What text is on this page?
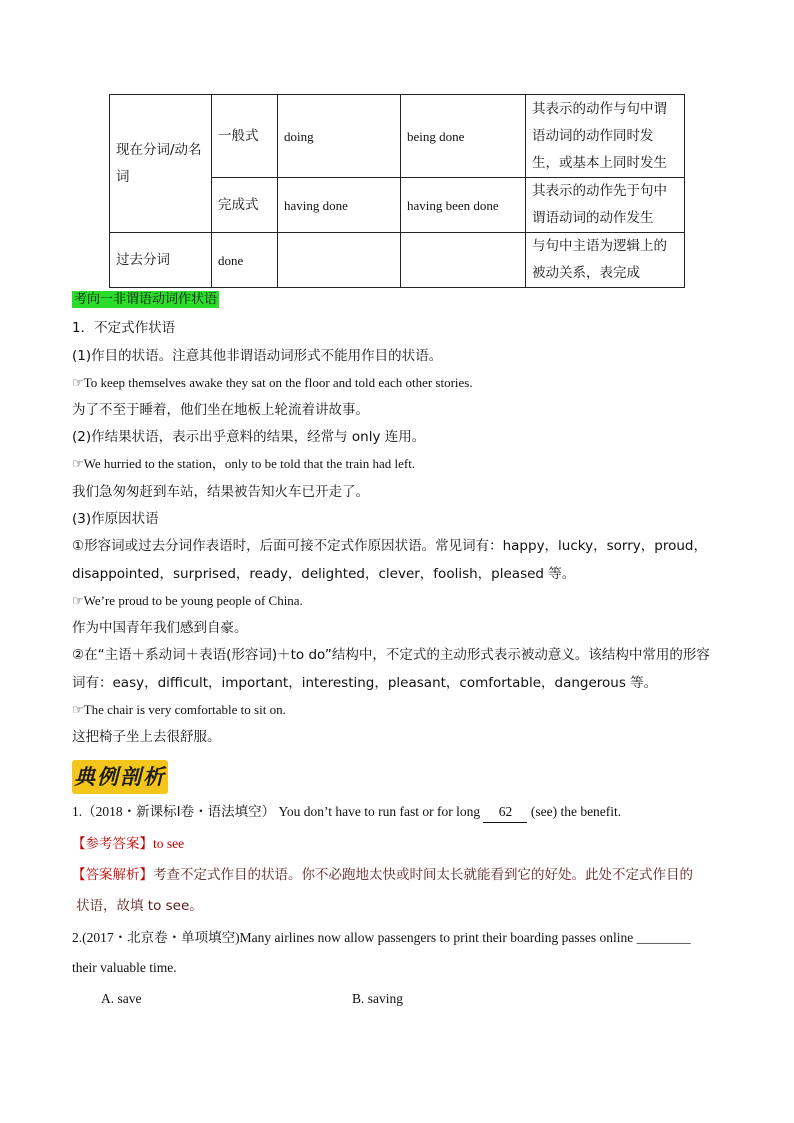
现在分词/动名词	一般式	doing	being done	其表示的动作与句中谓语动词的动作同时发生，或基本上同时发生
	完成式	having done	having been done	其表示的动作先于句中谓语动词的动作发生
过去分词	done			与句中主语为逻辑上的被动关系，表完成
考向一非谓语动词作状语
1．不定式作状语
(1)作目的状语。注意其他非谓语动词形式不能用作目的状语。
☞To keep themselves awake they sat on the floor and told each other stories.
为了不至于睡着，他们坐在地板上轮流着讲故事。
(2)作结果状语，表示出乎意料的结果，经常与 only 连用。
☞We hurried to the station，only to be told that the train had left.
我们急匆匆赶到车站，结果被告知火车已开走了。
(3)作原因状语
①形容词或过去分词作表语时，后面可接不定式作原因状语。常见词有：happy，lucky，sorry，proud，
disappointed，surprised，ready，delighted，clever，foolish，pleased 等。
☞We’re proud to be young people of China.
作为中国青年我们感到自豪。
②在“主语＋系动词＋表语(形容词)＋to do”结构中，不定式的主动形式表示被动意义。该结构中常用的形容
词有：easy，difficult，important，interesting，pleasant，comfortable，dangerous 等。
☞The chair is very comfortable to sit on.
这把椅子坐上去很舒服。
典例剖析
1.（2018・新课标Ⅰ卷・语法填空） You don’t have to run fast or for long 62 (see) the benefit.
【参考答案】to see
【答案解析】考查不定式作目的状语。你不必跑地太快或时间太长就能看到它的好处。此处不定式作目的
状语，故填 to see。
2.(2017・北京卷・单项填空)Many airlines now allow passengers to print their boarding passes online ________
their valuable time.
A. save	B. saving
